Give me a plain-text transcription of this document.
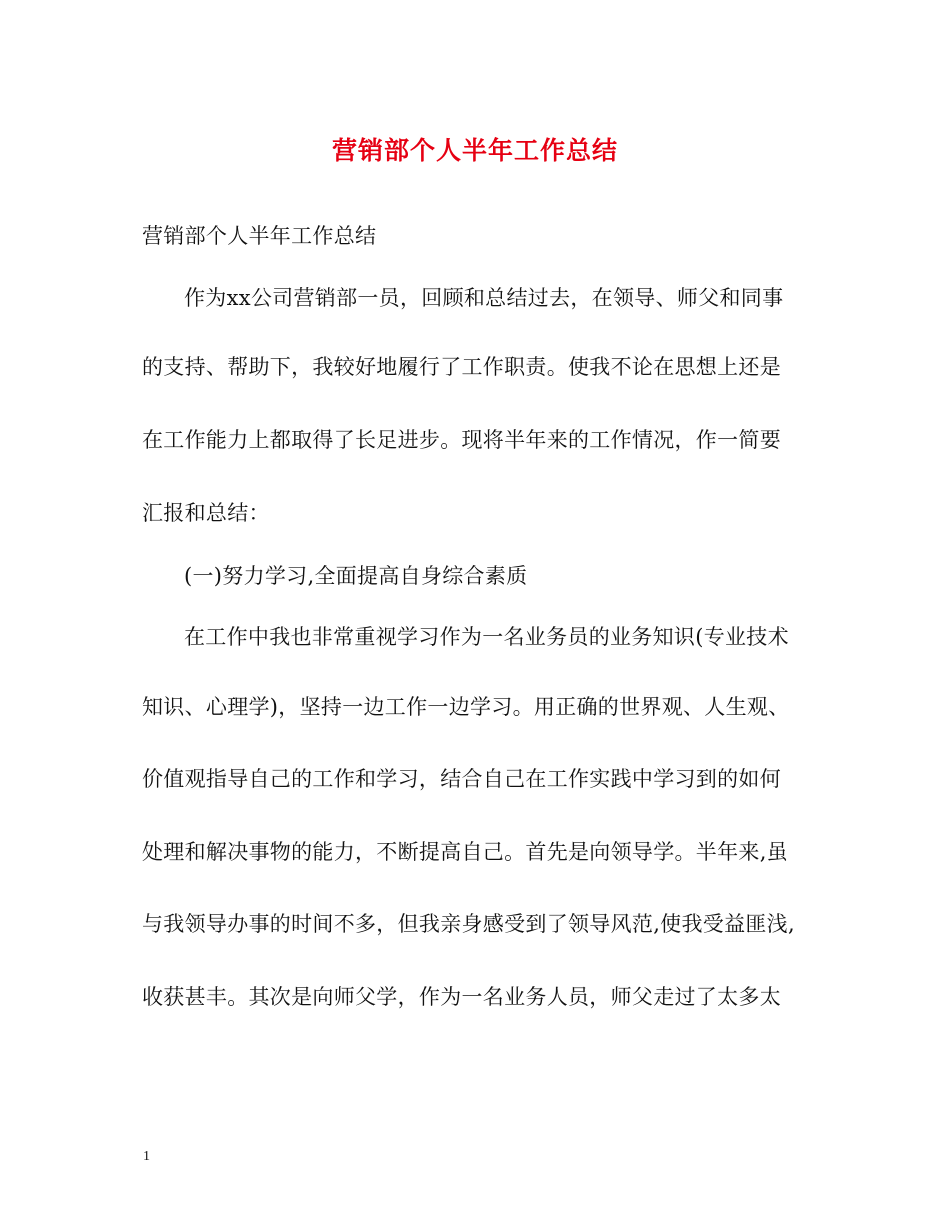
营销部个人半年工作总结
营销部个人半年工作总结
作为xx公司营销部一员，回顾和总结过去，在领导、师父和同事
的支持、帮助下，我较好地履行了工作职责。使我不论在思想上还是
在工作能力上都取得了长足进步。现将半年来的工作情况，作一简要
汇报和总结：
(一)努力学习,全面提高自身综合素质
在工作中我也非常重视学习作为一名业务员的业务知识(专业技术
知识、心理学)，坚持一边工作一边学习。用正确的世界观、人生观、
价值观指导自己的工作和学习，结合自己在工作实践中学习到的如何
处理和解决事物的能力，不断提高自己。首先是向领导学。半年来,虽
与我领导办事的时间不多，但我亲身感受到了领导风范,使我受益匪浅,
收获甚丰。其次是向师父学，作为一名业务人员，师父走过了太多太
1
